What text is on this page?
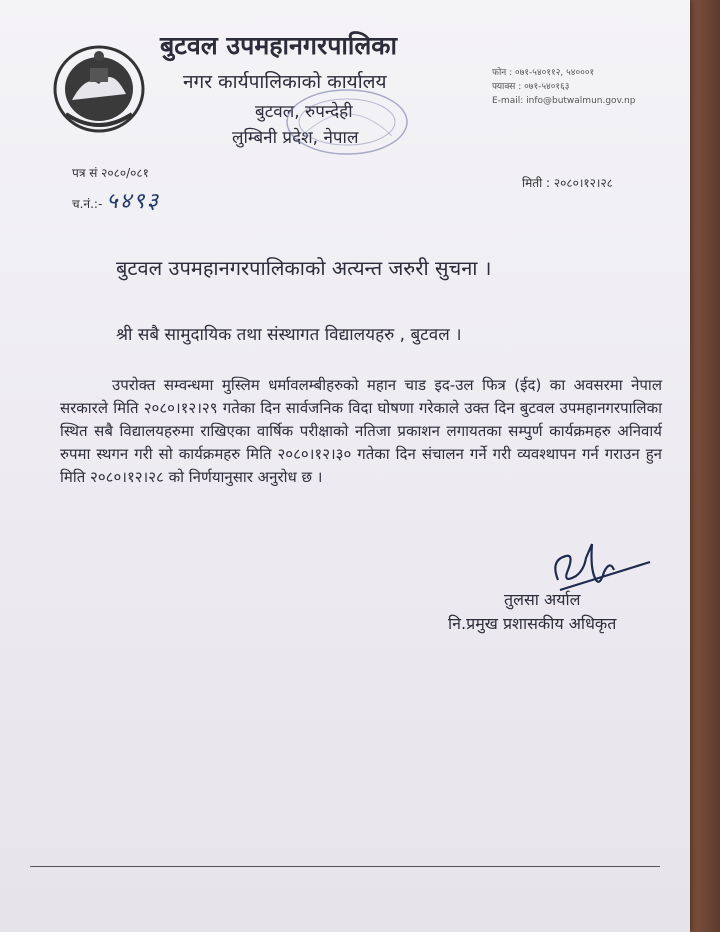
बुटवल उपमहानगरपालिका
नगर कार्यपालिकाको कार्यालय
बुटवल, रुपन्देही
लुम्बिनी प्रदेश, नेपाल
फोन : ०७१-५४०११२, ५४०००१
फ्याक्स : ०७१-५४०१६३
E-mail: info@butwalmun.gov.np
पत्र सं २०८०/०८१
च.नं.:- ५४९३
मिती : २०८०।१२।२८
बुटवल उपमहानगरपालिकाको अत्यन्त जरुरी सुचना ।
श्री सबै सामुदायिक तथा संस्थागत विद्यालयहरु , बुटवल ।
उपरोक्त सम्वन्धमा मुस्लिम धर्मावलम्बीहरुको महान चाड इद-उल फित्र (ईद) का अवसरमा नेपाल सरकारले मिति २०८०।१२।२९ गतेका दिन सार्वजनिक विदा घोषणा गरेकाले उक्त दिन बुटवल उपमहानगरपालिका स्थित सबै विद्यालयहरुमा राखिएका वार्षिक परीक्षाको नतिजा प्रकाशन लगायतका सम्पुर्ण कार्यक्रमहरु अनिवार्य रुपमा स्थगन गरी सो कार्यक्रमहरु मिति २०८०।१२।३० गतेका दिन संचालन गर्ने गरी व्यवश्थापन गर्न गराउन हुन मिति २०८०।१२।२८ को निर्णयानुसार अनुरोध छ ।
तुलसा अर्याल
नि.प्रमुख प्रशासकीय अधिकृत
